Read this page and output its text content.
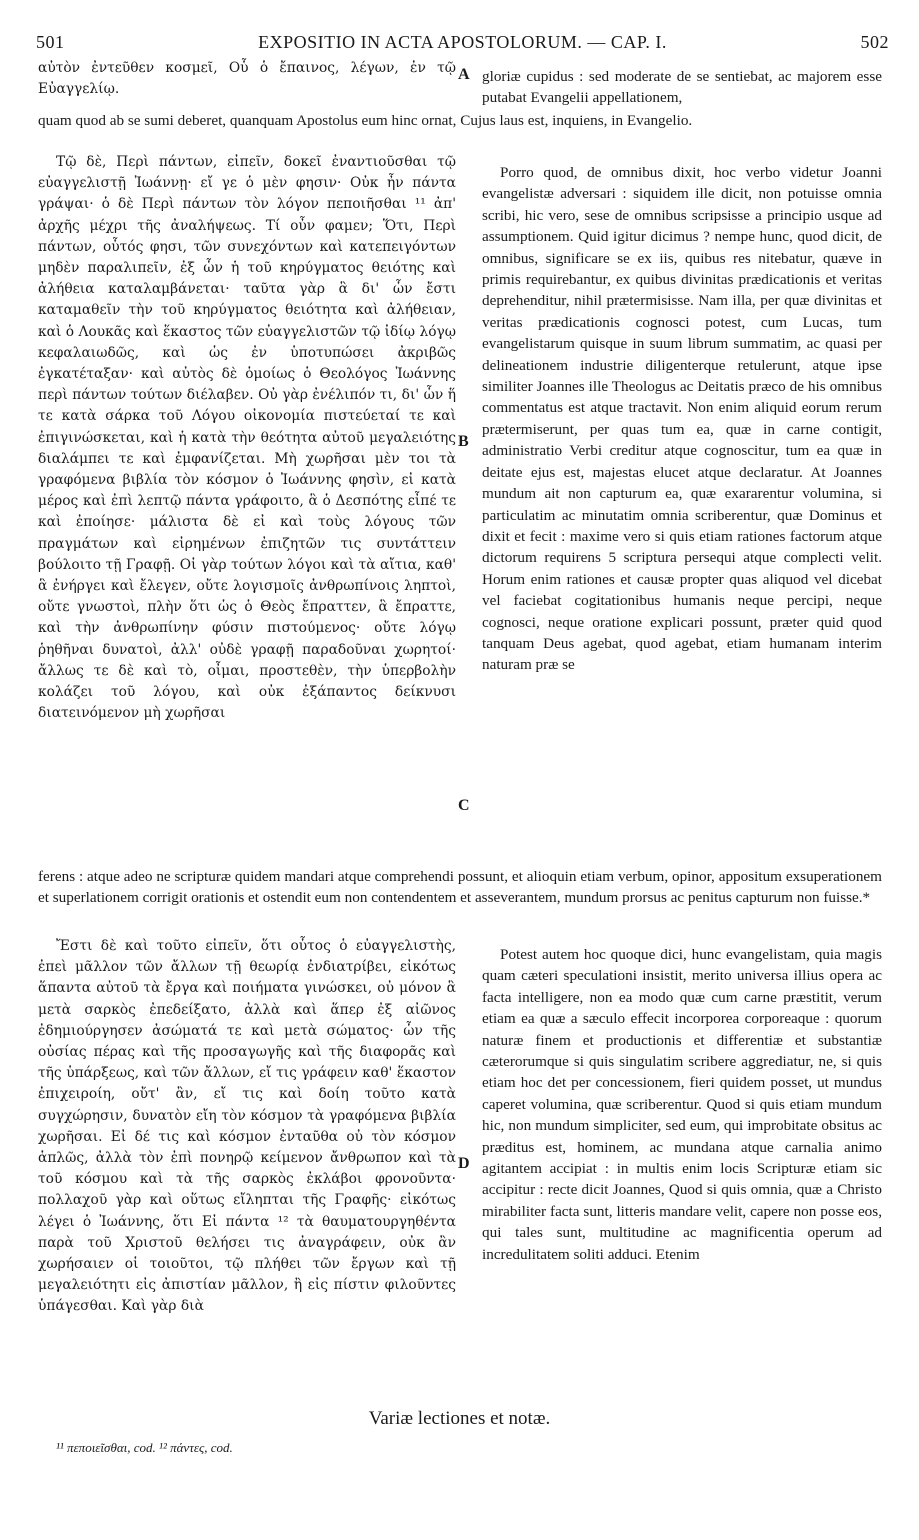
501	EXPOSITIO IN ACTA APOSTOLORUM. — CAP. I.	502
αὐτὸν ἐντεῦθεν κοσμεῖ, Οὗ ὁ ἔπαινος, λέγων, ἐν τῷ Εὐαγγελίῳ.
gloriæ cupidus : sed moderate de se sentiebat, ac majorem esse putabat Evangelii appellationem,
quam quod ab se sumi deberet, quanquam Apostolus eum hinc ornat, Cujus laus est, inquiens, in Evangelio.
Τῷ δὲ, Περὶ πάντων, εἰπεῖν, δοκεῖ ἐναντιοῦσθαι τῷ εὐαγγελιστῇ Ἰωάννῃ· εἴ γε ὁ μὲν φησιν· Οὐκ ἦν πάντα γράψαι· ὁ δὲ Περὶ πάντων τὸν λόγον πεποιῆσθαι ¹¹ ἀπ' ἀρχῆς μέχρι τῆς ἀναλήψεως. Τί οὖν φαμεν; Ὅτι, Περὶ πάντων, οὗτός φησι, τῶν συνεχόντων καὶ κατεπειγόντων μηδὲν παραλιπεῖν, ἐξ ὧν ἡ τοῦ κηρύγματος θειότης καὶ ἀλήθεια καταλαμβάνεται· ταῦτα γὰρ ἃ δι' ὧν ἔστι καταμαθεῖν τὴν τοῦ κηρύγματος θειότητα καὶ ἀλήθειαν, καὶ ὁ Λουκᾶς καὶ ἕκαστος τῶν εὐαγγελιστῶν τῷ ἰδίῳ λόγῳ κεφαλαιωδῶς, καὶ ὡς ἐν ὑποτυπώσει ἀκριβῶς ἐγκατέταξαν· καὶ αὐτὸς δὲ ὁμοίως ὁ Θεολόγος Ἰωάννης περὶ πάντων τούτων διέλαβεν. Οὐ γὰρ ἐνέλιπόν τι, δι' ὧν ἥ τε κατὰ σάρκα τοῦ Λόγου οἰκονομία πιστεύεταί τε καὶ ἐπιγινώσκεται, καὶ ἡ κατὰ τὴν θεότητα αὐτοῦ μεγαλειότης διαλάμπει τε καὶ ἐμφανίζεται. Μὴ χωρῆσαι μὲν τοι τὰ γραφόμενα βιβλία τὸν κόσμον ὁ Ἰωάννης φησὶν, εἰ κατὰ μέρος καὶ ἐπὶ λεπτῷ πάντα γράφοιτο, ἃ ὁ Δεσπότης εἶπέ τε καὶ ἐποίησε· μάλιστα δὲ εἰ καὶ τοὺς λόγους τῶν πραγμάτων καὶ εἰρημένων ἐπιζητῶν τις συντάττειν βούλοιτο τῇ Γραφῇ. Οἱ γὰρ τούτων λόγοι καὶ τὰ αἴτια, καθ' ἃ ἐνήργει καὶ ἔλεγεν, οὔτε λογισμοῖς ἀνθρωπίνοις ληπτοὶ, οὔτε γνωστοὶ, πλὴν ὅτι ὡς ὁ Θεὸς ἔπραττεν, ἃ ἔπραττε, καὶ τὴν ἀνθρωπίνην φύσιν πιστούμενος· οὔτε λόγῳ ῥηθῆναι δυνατοὶ, ἀλλ' οὐδὲ γραφῇ παραδοῦναι χωρητοί· ἄλλως τε δὲ καὶ τὸ, οἶμαι, προστεθὲν, τὴν ὑπερβολὴν κολάζει τοῦ λόγου, καὶ οὐκ ἐξάπαντος δείκνυσι διατεινόμενον μὴ χωρῆσαι
Porro quod, de omnibus dixit, hoc verbo videtur Joanni evangelistæ adversari : siquidem ille dicit, non potuisse omnia scribi, hic vero, sese de omnibus scripsisse a principio usque ad assumptionem. Quid igitur dicimus ? nempe hunc, quod dicit, de omnibus, significare se ex iis, quibus res nitebatur, quæve in primis requirebantur, ex quibus divinitas prædicationis et veritas deprehenditur, nihil prætermisisse. Nam illa, per quæ divinitas et veritas prædicationis cognosci potest, cum Lucas, tum evangelistarum quisque in suum librum summatim, ac quasi per delineationem industrie diligenterque retulerunt, atque ipse similiter Joannes ille Theologus ac Deitatis præco de his omnibus commentatus est atque tractavit. Non enim aliquid eorum rerum prætermiserunt, per quas tum ea, quæ in carne contigit, administratio Verbi creditur atque cognoscitur, tum ea quæ in deitate ejus est, majestas elucet atque declaratur. At Joannes mundum ait non capturum ea, quæ exararentur volumina, si particulatim ac minutatim omnia scriberentur, quæ Dominus et dixit et fecit : maxime vero si quis etiam rationes factorum atque dictorum requirens 5 scriptura persequi atque complecti velit. Horum enim rationes et causæ propter quas aliquod vel dicebat vel faciebat cogitationibus humanis neque percipi, neque cognosci, neque oratione explicari possunt, præter quid quod tanquam Deus agebat, quod agebat, etiam humanam interim naturam præ se
ferens : atque adeo ne scripturæ quidem mandari atque comprehendi possunt, et alioquin etiam verbum, opinor, appositum exsuperationem et superlationem corrigit orationis et ostendit eum non contendentem et asseverantem, mundum prorsus ac penitus capturum non fuisse.*
Ἔστι δὲ καὶ τοῦτο εἰπεῖν, ὅτι οὗτος ὁ εὐαγγελιστὴς, ἐπεὶ μᾶλλον τῶν ἄλλων τῇ θεωρίᾳ ἐνδιατρίβει, εἰκότως ἅπαντα αὐτοῦ τὰ ἔργα καὶ ποιήματα γινώσκει, οὐ μόνον ἃ μετὰ σαρκὸς ἐπεδείξατο, ἀλλὰ καὶ ἅπερ ἐξ αἰῶνος ἐδημιούργησεν ἀσώματά τε καὶ μετὰ σώματος· ὧν τῆς οὐσίας πέρας καὶ τῆς προσαγωγῆς καὶ τῆς διαφορᾶς καὶ τῆς ὑπάρξεως, καὶ τῶν ἄλλων, εἴ τις γράφειν καθ' ἕκαστον ἐπιχειροίη, οὔτ' ἂν, εἴ τις καὶ δοίη τοῦτο κατὰ συγχώρησιν, δυνατὸν εἴη τὸν κόσμον τὰ γραφόμενα βιβλία χωρῆσαι. Εἰ δέ τις καὶ κόσμον ἐνταῦθα οὐ τὸν κόσμον ἁπλῶς, ἀλλὰ τὸν ἐπὶ πονηρῷ κείμενον ἄνθρωπον καὶ τὰ τοῦ κόσμου καὶ τὰ τῆς σαρκὸς ἐκλάβοι φρονοῦντα· πολλαχοῦ γὰρ καὶ οὕτως εἴληπται τῆς Γραφῆς· εἰκότως λέγει ὁ Ἰωάννης, ὅτι Εἰ πάντα ¹² τὰ θαυματουργηθέντα παρὰ τοῦ Χριστοῦ θελήσει τις ἀναγράφειν, οὐκ ἂν χωρήσαιεν οἱ τοιοῦτοι, τῷ πλήθει τῶν ἔργων καὶ τῇ μεγαλειότητι εἰς ἀπιστίαν μᾶλλον, ἢ εἰς πίστιν φιλοῦντες ὑπάγεσθαι. Καὶ γὰρ διὰ
Potest autem hoc quoque dici, hunc evangelistam, quia magis quam cæteri speculationi insistit, merito universa illius opera ac facta intelligere, non ea modo quæ cum carne præstitit, verum etiam ea quæ a sæculo effecit incorporea corporeaque : quorum naturæ finem et productionis et differentiæ et substantiæ cæterorumque si quis singulatim scribere aggrediatur, ne, si quis etiam hoc det per concessionem, fieri quidem posset, ut mundus caperet volumina, quæ scriberentur. Quod si quis etiam mundum hic, non mundum simpliciter, sed eum, qui improbitate obsitus ac præditus est, hominem, ac mundana atque carnalia animo agitantem accipiat : in multis enim locis Scripturæ etiam sic accipitur : recte dicit Joannes, Quod si quis omnia, quæ a Christo mirabiliter facta sunt, litteris mandare velit, capere non posse eos, qui tales sunt, multitudine ac magnificentia operum ad incredulitatem soliti adduci. Etenim
A
B
C
D
Variæ lectiones et notæ.
¹¹ πεποιεῖσθαι, cod. ¹² πάντες, cod.
